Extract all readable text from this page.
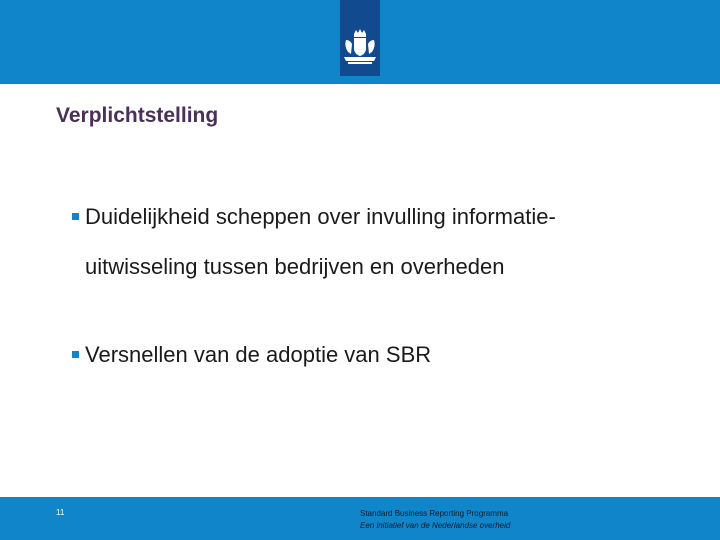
Verplichtstelling
Duidelijkheid scheppen over invulling informatie-
uitwisseling tussen bedrijven en overheden
Versnellen van de adoptie van SBR
11	Standard Business Reporting Programma
Een initiatief van de Nederlandse overheid
